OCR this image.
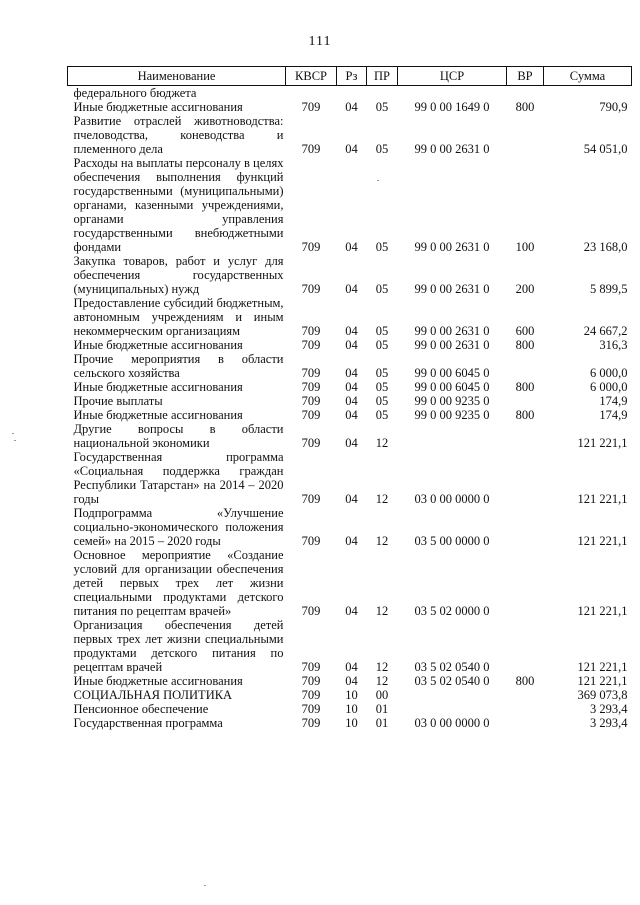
111
Наименование	КВСР	Рз	ПР	ЦСР	ВР	Сумма
федерального бюджета						
Иные бюджетные ассигнования	709	04	05	99 0 00 1649 0	800	790,9
Развитие отраслей животноводства: пчеловодства, коневодства и племенного дела	709	04	05	99 0 00 2631 0		54 051,0
Расходы на выплаты персоналу в целях обеспечения выполнения функций государственными (муниципальными) органами, казенными учреждениями, органами управления государственными внебюджетными фондами	709	04	05	99 0 00 2631 0	100	23 168,0
Закупка товаров, работ и услуг для обеспечения государственных (муниципальных) нужд	709	04	05	99 0 00 2631 0	200	5 899,5
Предоставление субсидий бюджетным, автономным учреждениям и иным некоммерческим организациям	709	04	05	99 0 00 2631 0	600	24 667,2
Иные бюджетные ассигнования	709	04	05	99 0 00 2631 0	800	316,3
Прочие мероприятия в области сельского хозяйства	709	04	05	99 0 00 6045 0		6 000,0
Иные бюджетные ассигнования	709	04	05	99 0 00 6045 0	800	6 000,0
Прочие выплаты	709	04	05	99 0 00 9235 0		174,9
Иные бюджетные ассигнования	709	04	05	99 0 00 9235 0	800	174,9
Другие вопросы в области национальной экономики	709	04	12			121 221,1
Государственная программа «Социальная поддержка граждан Республики Татарстан» на 2014 – 2020 годы	709	04	12	03 0 00 0000 0		121 221,1
Подпрограмма «Улучшение социально-экономического положения семей» на 2015 – 2020 годы	709	04	12	03 5 00 0000 0		121 221,1
Основное мероприятие «Создание условий для организации обеспечения детей первых трех лет жизни специальными продуктами детского питания по рецептам врачей»	709	04	12	03 5 02 0000 0		121 221,1
Организация обеспечения детей первых трех лет жизни специальными продуктами детского питания по рецептам врачей	709	04	12	03 5 02 0540 0		121 221,1
Иные бюджетные ассигнования	709	04	12	03 5 02 0540 0	800	121 221,1
СОЦИАЛЬНАЯ ПОЛИТИКА	709	10	00			369 073,8
Пенсионное обеспечение	709	10	01			3 293,4
Государственная программа	709	10	01	03 0 00 0000 0		3 293,4
